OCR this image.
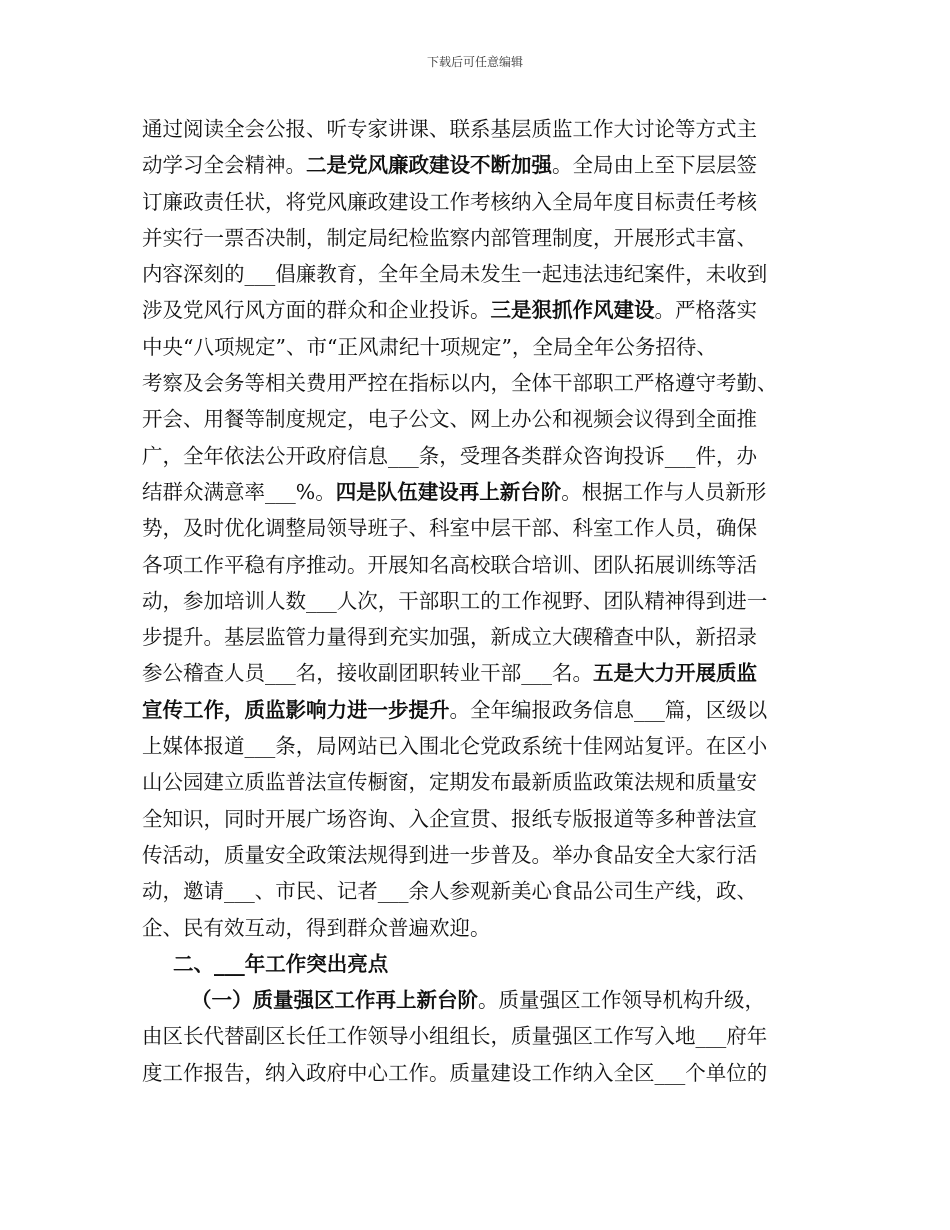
下载后可任意编辑
通过阅读全会公报、听专家讲课、联系基层质监工作大讨论等方式主
动学习全会精神。二是党风廉政建设不断加强。全局由上至下层层签
订廉政责任状，将党风廉政建设工作考核纳入全局年度目标责任考核
并实行一票否决制，制定局纪检监察内部管理制度，开展形式丰富、
内容深刻的___倡廉教育，全年全局未发生一起违法违纪案件，未收到
涉及党风行风方面的群众和企业投诉。三是狠抓作风建设。严格落实
中央“八项规定”、市“正风肃纪十项规定”，全局全年公务招待、
考察及会务等相关费用严控在指标以内，全体干部职工严格遵守考勤、
开会、用餐等制度规定，电子公文、网上办公和视频会议得到全面推
广，全年依法公开政府信息___条，受理各类群众咨询投诉___件，办
结群众满意率___%。四是队伍建设再上新台阶。根据工作与人员新形
势，及时优化调整局领导班子、科室中层干部、科室工作人员，确保
各项工作平稳有序推动。开展知名高校联合培训、团队拓展训练等活
动，参加培训人数___人次，干部职工的工作视野、团队精神得到进一
步提升。基层监管力量得到充实加强，新成立大碶稽查中队，新招录
参公稽查人员___名，接收副团职转业干部___名。五是大力开展质监
宣传工作，质监影响力进一步提升。全年编报政务信息___篇，区级以
上媒体报道___条，局网站已入围北仑党政系统十佳网站复评。在区小
山公园建立质监普法宣传橱窗，定期发布最新质监政策法规和质量安
全知识，同时开展广场咨询、入企宣贯、报纸专版报道等多种普法宣
传活动，质量安全政策法规得到进一步普及。举办食品安全大家行活
动，邀请___、市民、记者___余人参观新美心食品公司生产线，政、
企、民有效互动，得到群众普遍欢迎。
二、___年工作突出亮点
（一）质量强区工作再上新台阶。质量强区工作领导机构升级，
由区长代替副区长任工作领导小组组长，质量强区工作写入地___府年
度工作报告，纳入政府中心工作。质量建设工作纳入全区___个单位的
